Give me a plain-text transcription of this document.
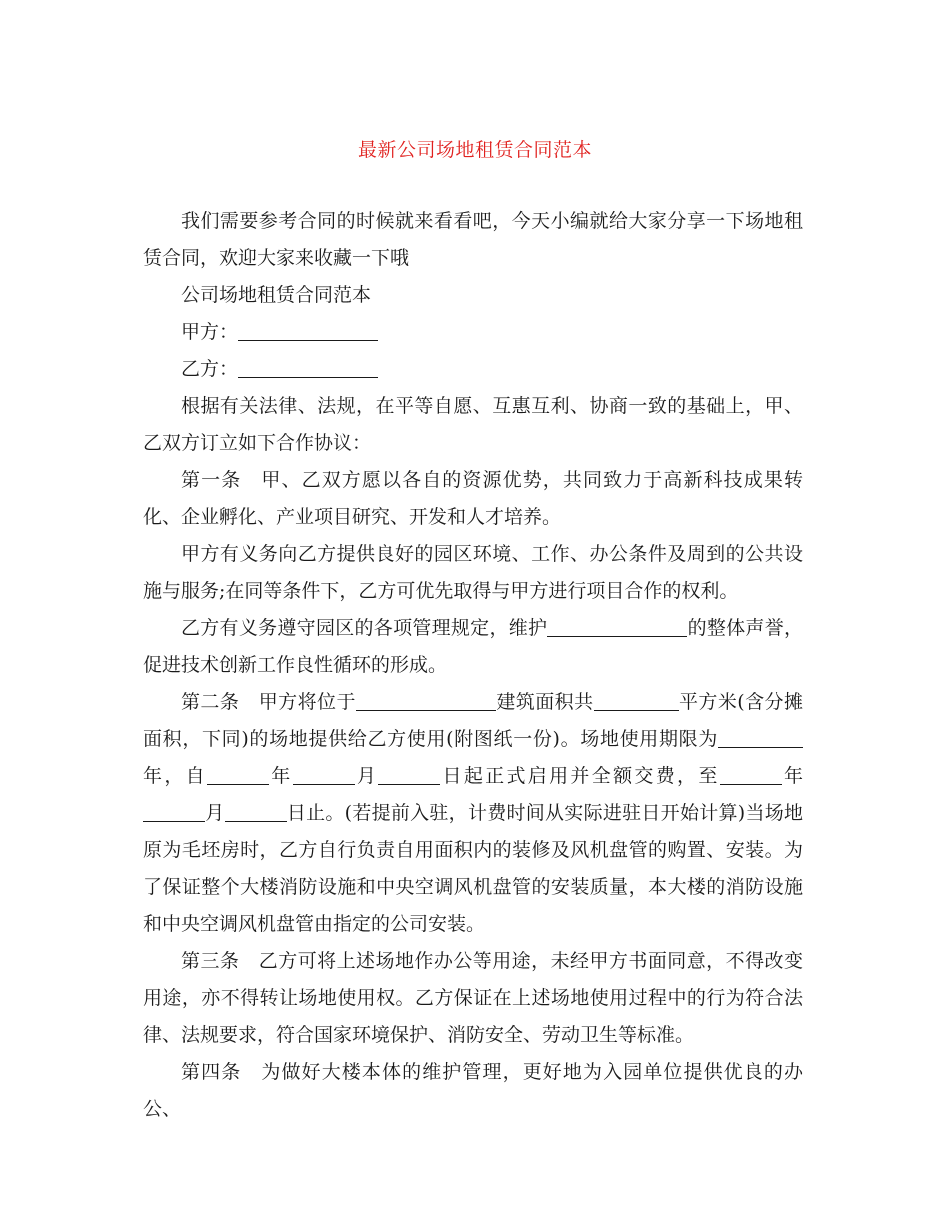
最新公司场地租赁合同范本

我们需要参考合同的时候就来看看吧，今天小编就给大家分享一下场地租赁合同，欢迎大家来收藏一下哦

公司场地租赁合同范本

甲方：

乙方：

根据有关法律、法规，在平等自愿、互惠互利、协商一致的基础上，甲、乙双方订立如下合作协议：

第一条　甲、乙双方愿以各自的资源优势，共同致力于高新科技成果转化、企业孵化、产业项目研究、开发和人才培养。

甲方有义务向乙方提供良好的园区环境、工作、办公条件及周到的公共设施与服务;在同等条件下，乙方可优先取得与甲方进行项目合作的权利。

乙方有义务遵守园区的各项管理规定，维护	的整体声誉，促进技术创新工作良性循环的形成。

第二条　甲方将位于	建筑面积共	平方米(含分摊面积，下同)的场地提供给乙方使用(附图纸一份)。场地使用期限为年，自	年	月	日起正式启用并全额交费，至	年月	日止。(若提前入驻，计费时间从实际进驻日开始计算)当场地原为毛坯房时，乙方自行负责自用面积内的装修及风机盘管的购置、安装。为了保证整个大楼消防设施和中央空调风机盘管的安装质量，本大楼的消防设施和中央空调风机盘管由指定的公司安装。

第三条　乙方可将上述场地作办公等用途，未经甲方书面同意，不得改变用途，亦不得转让场地使用权。乙方保证在上述场地使用过程中的行为符合法律、法规要求，符合国家环境保护、消防安全、劳动卫生等标准。

第四条　为做好大楼本体的维护管理，更好地为入园单位提供优良的办公、
